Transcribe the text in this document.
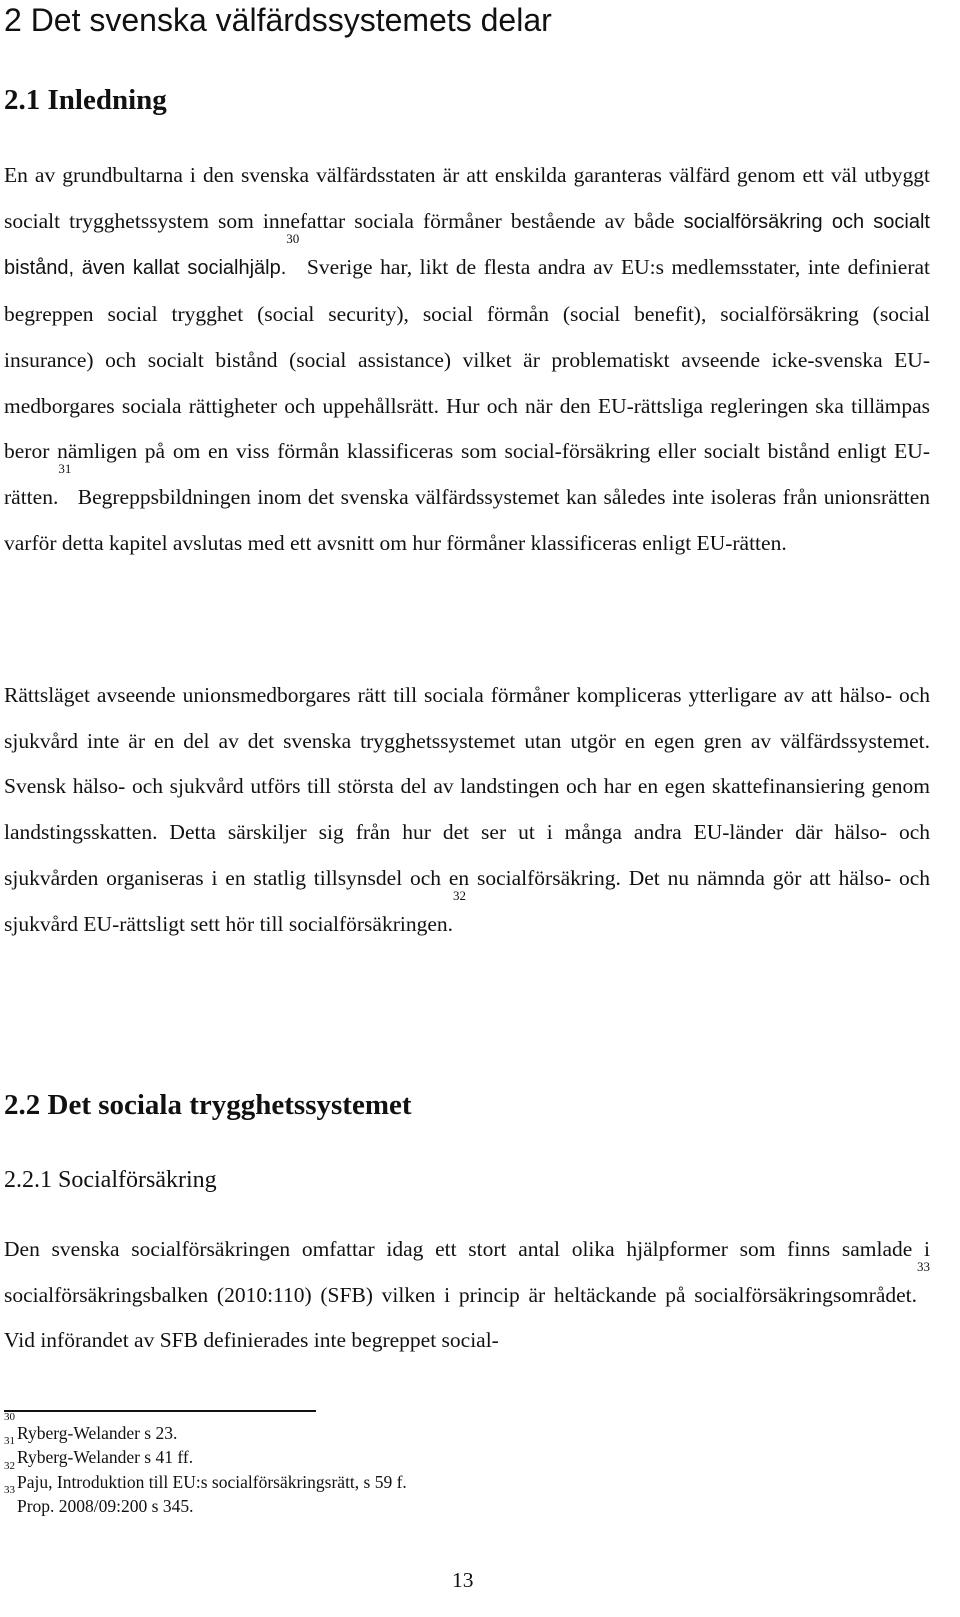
2 Det svenska välfärdssystemets delar
2.1 Inledning

En av grundbultarna i den svenska välfärdsstaten är att enskilda garanteras välfärd genom ett väl utbyggt socialt trygghetssystem som innefattar sociala förmåner bestående av både socialförsäkring och socialt bistånd, även kallat socialhjälp.$^{30}$ Sverige har, likt de flesta andra av EU:s medlemsstater, inte definierat begreppen social trygghet (social security), social förmån (social benefit), socialförsäkring (social insurance) och socialt bistånd (social assistance) vilket är problematiskt avseende icke-svenska EU-medborgares sociala rättigheter och uppehållsrätt. Hur och när den EU-rättsliga regleringen ska tillämpas beror nämligen på om en viss förmån klassificeras som social-försäkring eller socialt bistånd enligt EU-rätten.$^{31}$ Begreppsbildningen inom det svenska välfärdssystemet kan således inte isoleras från unionsrätten varför detta kapitel avslutas med ett avsnitt om hur förmåner klassificeras enligt EU-rätten.

Rättsläget avseende unionsmedborgares rätt till sociala förmåner kompliceras ytterligare av att hälso- och sjukvård inte är en del av det svenska trygghetssystemet utan utgör en egen gren av välfärdssystemet. Svensk hälso- och sjukvård utförs till största del av landstingen och har en egen skattefinansiering genom landstingsskatten. Detta särskiljer sig från hur det ser ut i många andra EU-länder där hälso- och sjukvården organiseras i en statlig tillsynsdel och en socialförsäkring. Det nu nämnda gör att hälso- och sjukvård EU-rättsligt sett hör till socialförsäkringen.$^{32}$

2.2 Det sociala trygghetssystemet
2.2.1 Socialförsäkring

Den svenska socialförsäkringen omfattar idag ett stort antal olika hjälpformer som finns samlade i socialförsäkringsbalken (2010:110) (SFB) vilken i princip är heltäckande på socialförsäkringsområdet.$^{33}$ Vid införandet av SFB definierades inte begreppet social-

$^{30}$Ryberg-Welander s 23.
$^{31}$Ryberg-Welander s 41 ff.
$^{32}$Paju, Introduktion till EU:s socialförsäkringsrätt, s 59 f.
$^{33}$Prop. 2008/09:200 s 345.

13
